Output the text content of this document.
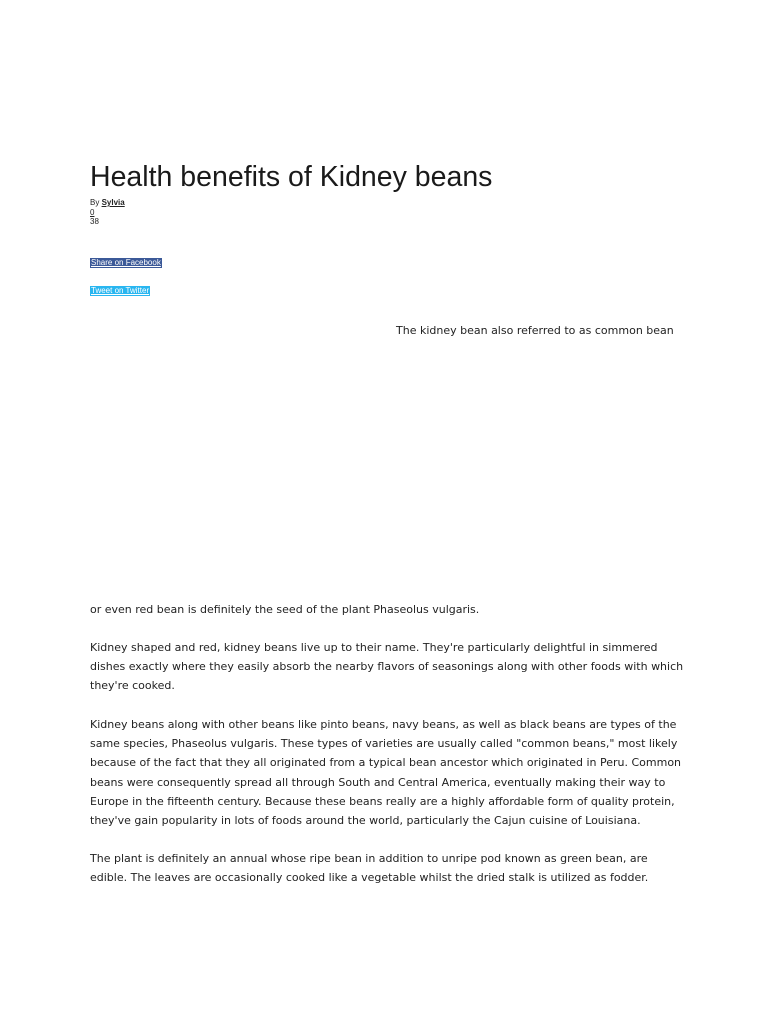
Health benefits of Kidney beans
By Sylvia
0
38
Share on Facebook
Tweet on Twitter
The kidney bean also referred to as common bean

or even red bean is definitely the seed of the plant Phaseolus vulgaris.

Kidney shaped and red, kidney beans live up to their name. They're particularly delightful in simmered dishes exactly where they easily absorb the nearby flavors of seasonings along with other foods with which they're cooked.

Kidney beans along with other beans like pinto beans, navy beans, as well as black beans are types of the same species, Phaseolus vulgaris. These types of varieties are usually called "common beans," most likely because of the fact that they all originated from a typical bean ancestor which originated in Peru. Common beans were consequently spread all through South and Central America, eventually making their way to Europe in the fifteenth century. Because these beans really are a highly affordable form of quality protein, they've gain popularity in lots of foods around the world, particularly the Cajun cuisine of Louisiana.

The plant is definitely an annual whose ripe bean in addition to unripe pod known as green bean, are edible. The leaves are occasionally cooked like a vegetable whilst the dried stalk is utilized as fodder.
